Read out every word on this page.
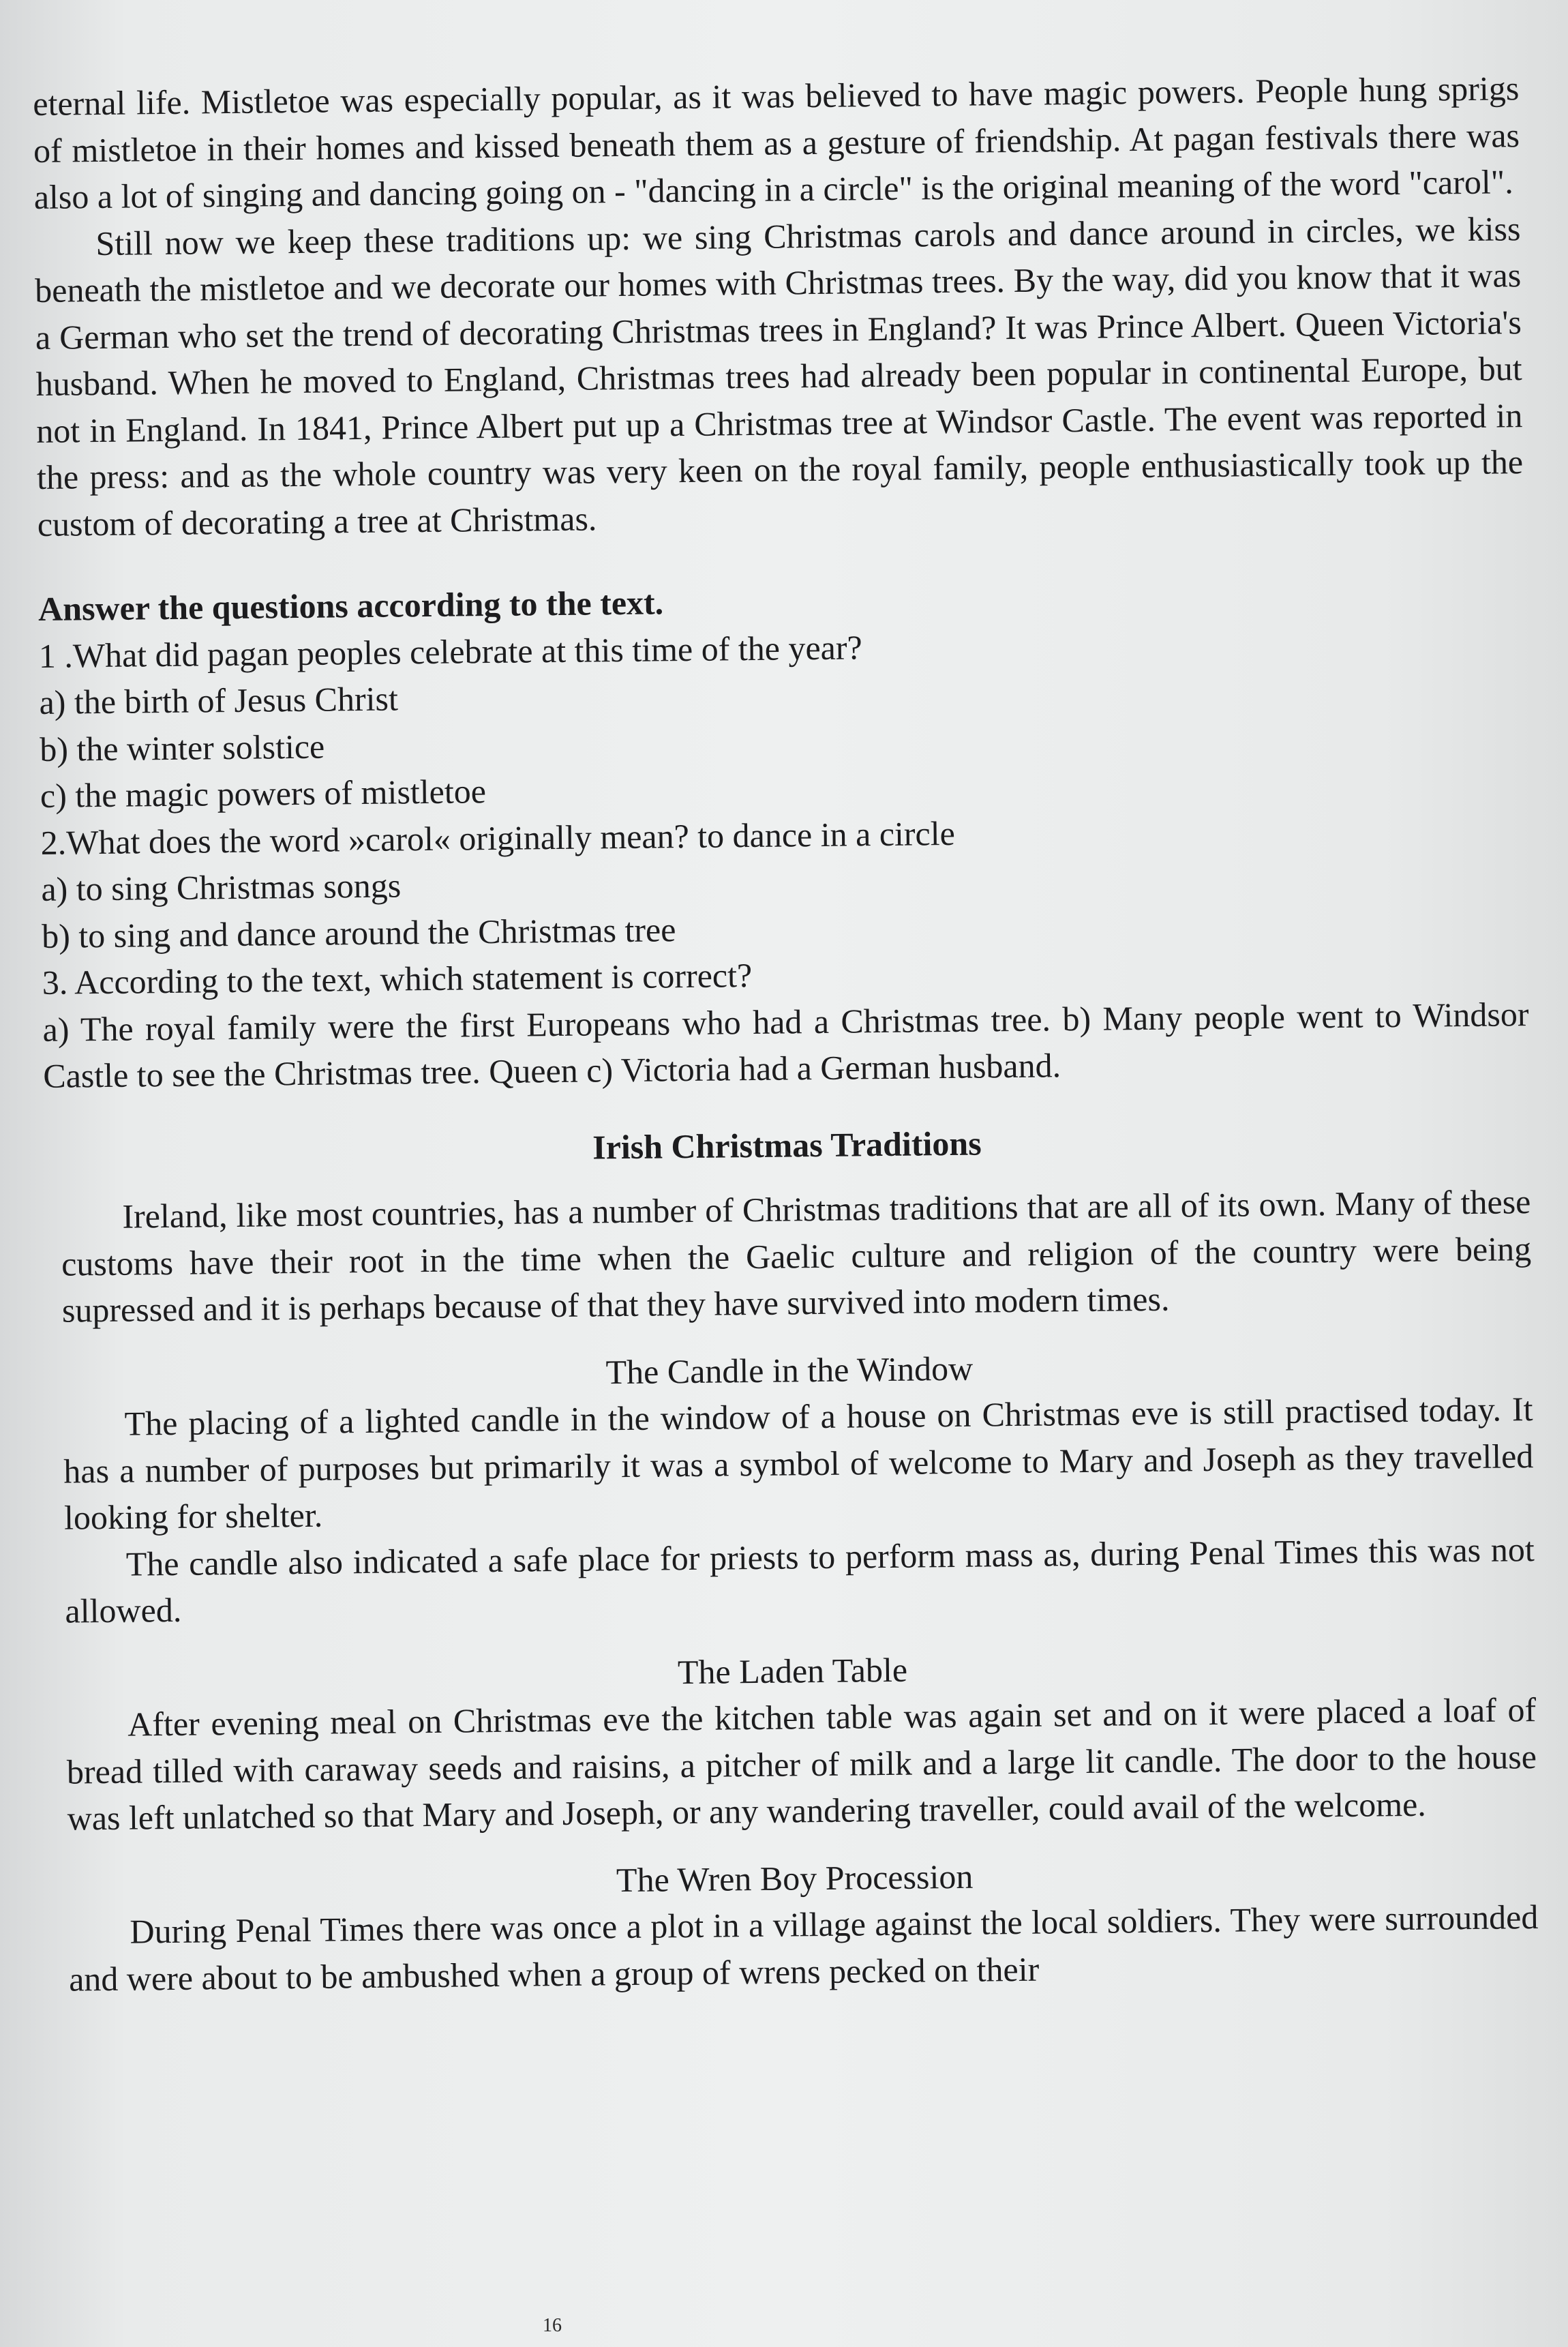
eternal life. Mistletoe was especially popular, as it was believed to have magic powers. People hung sprigs of mistletoe in their homes and kissed beneath them as a gesture of friendship. At pagan festivals there was also a lot of singing and dancing going on - "dancing in a circle" is the original meaning of the word "carol".

Still now we keep these traditions up: we sing Christmas carols and dance around in circles, we kiss beneath the mistletoe and we decorate our homes with Christmas trees. By the way, did you know that it was a German who set the trend of decorating Christmas trees in England? It was Prince Albert. Queen Victoria's husband. When he moved to England, Christmas trees had already been popular in continental Europe, but not in England. In 1841, Prince Albert put up a Christmas tree at Windsor Castle. The event was reported in the press: and as the whole country was very keen on the royal family, people enthusiastically took up the custom of decorating a tree at Christmas.

Answer the questions according to the text.

1 .What did pagan peoples celebrate at this time of the year?

a) the birth of Jesus Christ

b) the winter solstice

c) the magic powers of mistletoe

2.What does the word »carol« originally mean? to dance in a circle

a) to sing Christmas songs

b) to sing and dance around the Christmas tree

3. According to the text, which statement is correct?

a) The royal family were the first Europeans who had a Christmas tree. b) Many people went to Windsor Castle to see the Christmas tree. Queen c) Victoria had a German husband.

Irish Christmas Traditions

Ireland, like most countries, has a number of Christmas traditions that are all of its own. Many of these customs have their root in the time when the Gaelic culture and religion of the country were being supressed and it is perhaps because of that they have survived into modern times.

The Candle in the Window

The placing of a lighted candle in the window of a house on Christmas eve is still practised today. It has a number of purposes but primarily it was a symbol of welcome to Mary and Joseph as they travelled looking for shelter.

The candle also indicated a safe place for priests to perform mass as, during Penal Times this was not allowed.

The Laden Table

After evening meal on Christmas eve the kitchen table was again set and on it were placed a loaf of bread tilled with caraway seeds and raisins, a pitcher of milk and a large lit candle. The door to the house was left unlatched so that Mary and Joseph, or any wandering traveller, could avail of the welcome.

The Wren Boy Procession

During Penal Times there was once a plot in a village against the local soldiers. They were surrounded and were about to be ambushed when a group of wrens pecked on their

16
